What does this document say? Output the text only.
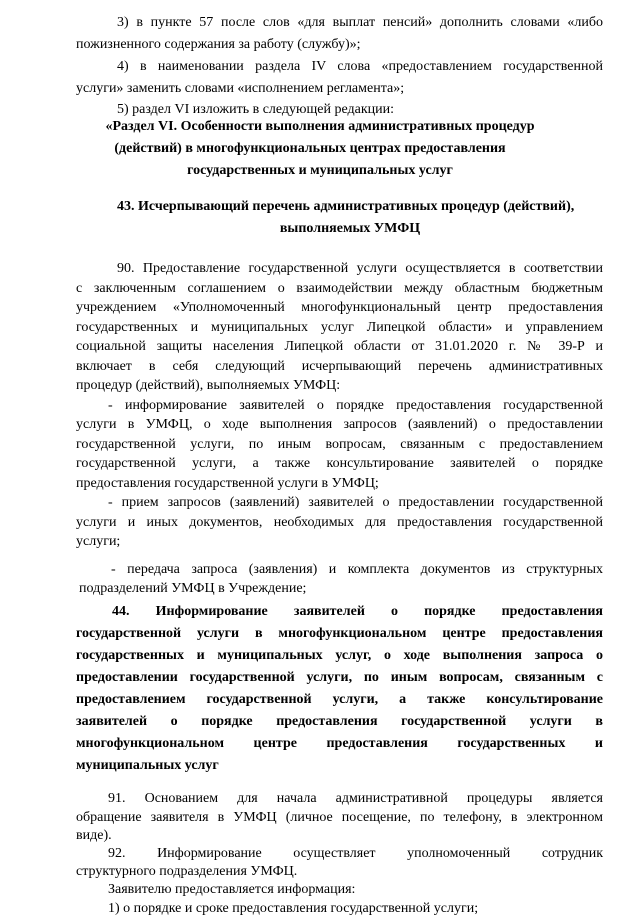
3) в пункте 57 после слов «для выплат пенсий» дополнить словами «либо
пожизненного содержания за работу (службу)»;
4) в наименовании раздела IV слова «предоставлением государственной
услуги» заменить словами «исполнением регламента»;
5) раздел VI изложить в следующей редакции:
«Раздел VI. Особенности выполнения административных процедур
(действий) в многофункциональных центрах предоставления
государственных и муниципальных услуг
43. Исчерпывающий перечень административных процедур (действий),
выполняемых УМФЦ
90. Предоставление государственной услуги осуществляется в соответствии
с заключенным соглашением о взаимодействии между областным бюджетным
учреждением «Уполномоченный многофункциональный центр предоставления
государственных и муниципальных услуг Липецкой области» и управлением
социальной защиты населения Липецкой области от 31.01.2020 г. № 39-Р и
включает в себя следующий исчерпывающий перечень административных
процедур (действий), выполняемых УМФЦ:
- информирование заявителей о порядке предоставления государственной
услуги в УМФЦ, о ходе выполнения запросов (заявлений) о предоставлении
государственной услуги, по иным вопросам, связанным с предоставлением
государственной услуги, а также консультирование заявителей о порядке
предоставления государственной услуги в УМФЦ;
- прием запросов (заявлений) заявителей о предоставлении государственной
услуги и иных документов, необходимых для предоставления государственной
услуги;
- передача запроса (заявления) и комплекта документов из структурных
подразделений УМФЦ в Учреждение;
44. Информирование заявителей о порядке предоставления
государственной услуги в многофункциональном центре предоставления
государственных и муниципальных услуг, о ходе выполнения запроса о
предоставлении государственной услуги, по иным вопросам, связанным с
предоставлением государственной услуги, а также консультирование
заявителей о порядке предоставления государственной услуги в
многофункциональном центре предоставления государственных и
муниципальных услуг
91. Основанием для начала административной процедуры является
обращение заявителя в УМФЦ (личное посещение, по телефону, в электронном
виде).
92. Информирование осуществляет уполномоченный сотрудник
структурного подразделения УМФЦ.
Заявителю предоставляется информация:
1) о порядке и сроке предоставления государственной услуги;
